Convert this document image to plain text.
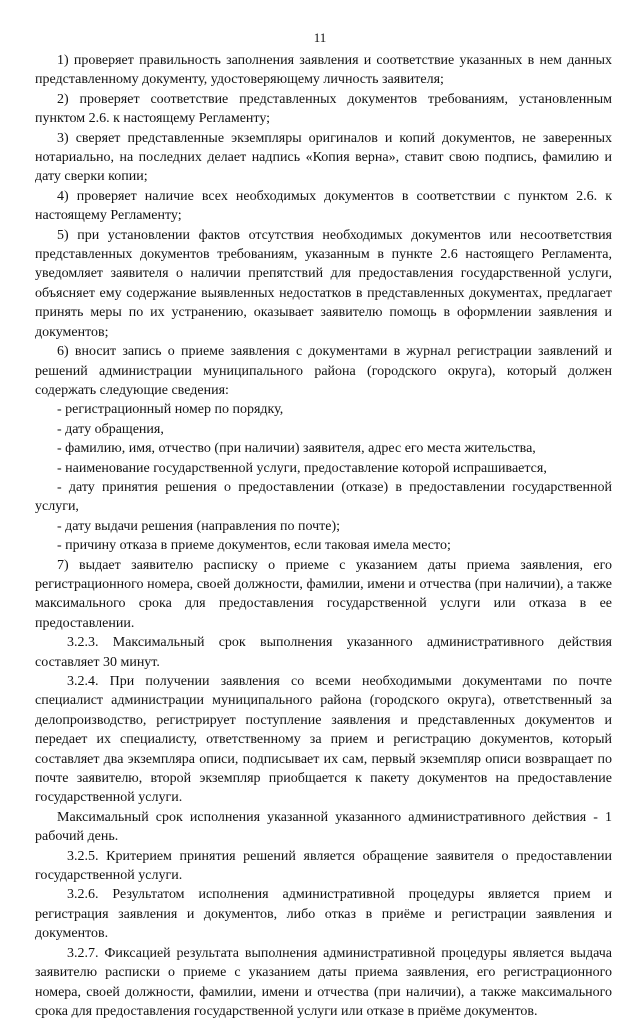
11

1) проверяет правильность заполнения заявления и соответствие указанных в нем данных представленному документу, удостоверяющему личность заявителя;

2) проверяет соответствие представленных документов требованиям, установленным пунктом 2.6. к настоящему Регламенту;

3) сверяет представленные экземпляры оригиналов и копий документов, не заверенных нотариально, на последних делает надпись «Копия верна», ставит свою подпись, фамилию и дату сверки копии;

4) проверяет наличие всех необходимых документов в соответствии с пунктом 2.6. к настоящему Регламенту;

5) при установлении фактов отсутствия необходимых документов или несоответствия представленных документов требованиям, указанным в пункте 2.6 настоящего Регламента, уведомляет заявителя о наличии препятствий для предоставления государственной услуги, объясняет ему содержание выявленных недостатков в представленных документах, предлагает принять меры по их устранению, оказывает заявителю помощь в оформлении заявления и документов;

6) вносит запись о приеме заявления с документами в журнал регистрации заявлений и решений администрации муниципального района (городского округа), который должен содержать следующие сведения:

- регистрационный номер по порядку,

- дату обращения,

- фамилию, имя, отчество (при наличии) заявителя, адрес его места жительства,

- наименование государственной услуги, предоставление которой испрашивается,

- дату принятия решения о предоставлении (отказе) в предоставлении государственной услуги,

- дату выдачи решения (направления по почте);

- причину отказа в приеме документов, если таковая имела место;

7) выдает заявителю расписку о приеме с указанием даты приема заявления, его регистрационного номера, своей должности, фамилии, имени и отчества (при наличии), а также максимального срока для предоставления государственной услуги или отказа в ее предоставлении.

3.2.3. Максимальный срок выполнения указанного административного действия составляет 30 минут.

3.2.4. При получении заявления со всеми необходимыми документами по почте специалист администрации муниципального района (городского округа), ответственный за делопроизводство, регистрирует поступление заявления и представленных документов и передает их специалисту, ответственному за прием и регистрацию документов, который составляет два экземпляра описи, подписывает их сам, первый экземпляр описи возвращает по почте заявителю, второй экземпляр приобщается к пакету документов на предоставление государственной услуги.

Максимальный срок исполнения указанной указанного административного действия - 1 рабочий день.

3.2.5. Критерием принятия решений является обращение заявителя о предоставлении государственной услуги.

3.2.6. Результатом исполнения административной процедуры является прием и регистрация заявления и документов, либо отказ в приёме и регистрации заявления и документов.

3.2.7. Фиксацией результата выполнения административной процедуры является выдача заявителю расписки о приеме с указанием даты приема заявления, его регистрационного номера, своей должности, фамилии, имени и отчества (при наличии), а также максимального срока для предоставления государственной услуги или отказе в приёме документов.
